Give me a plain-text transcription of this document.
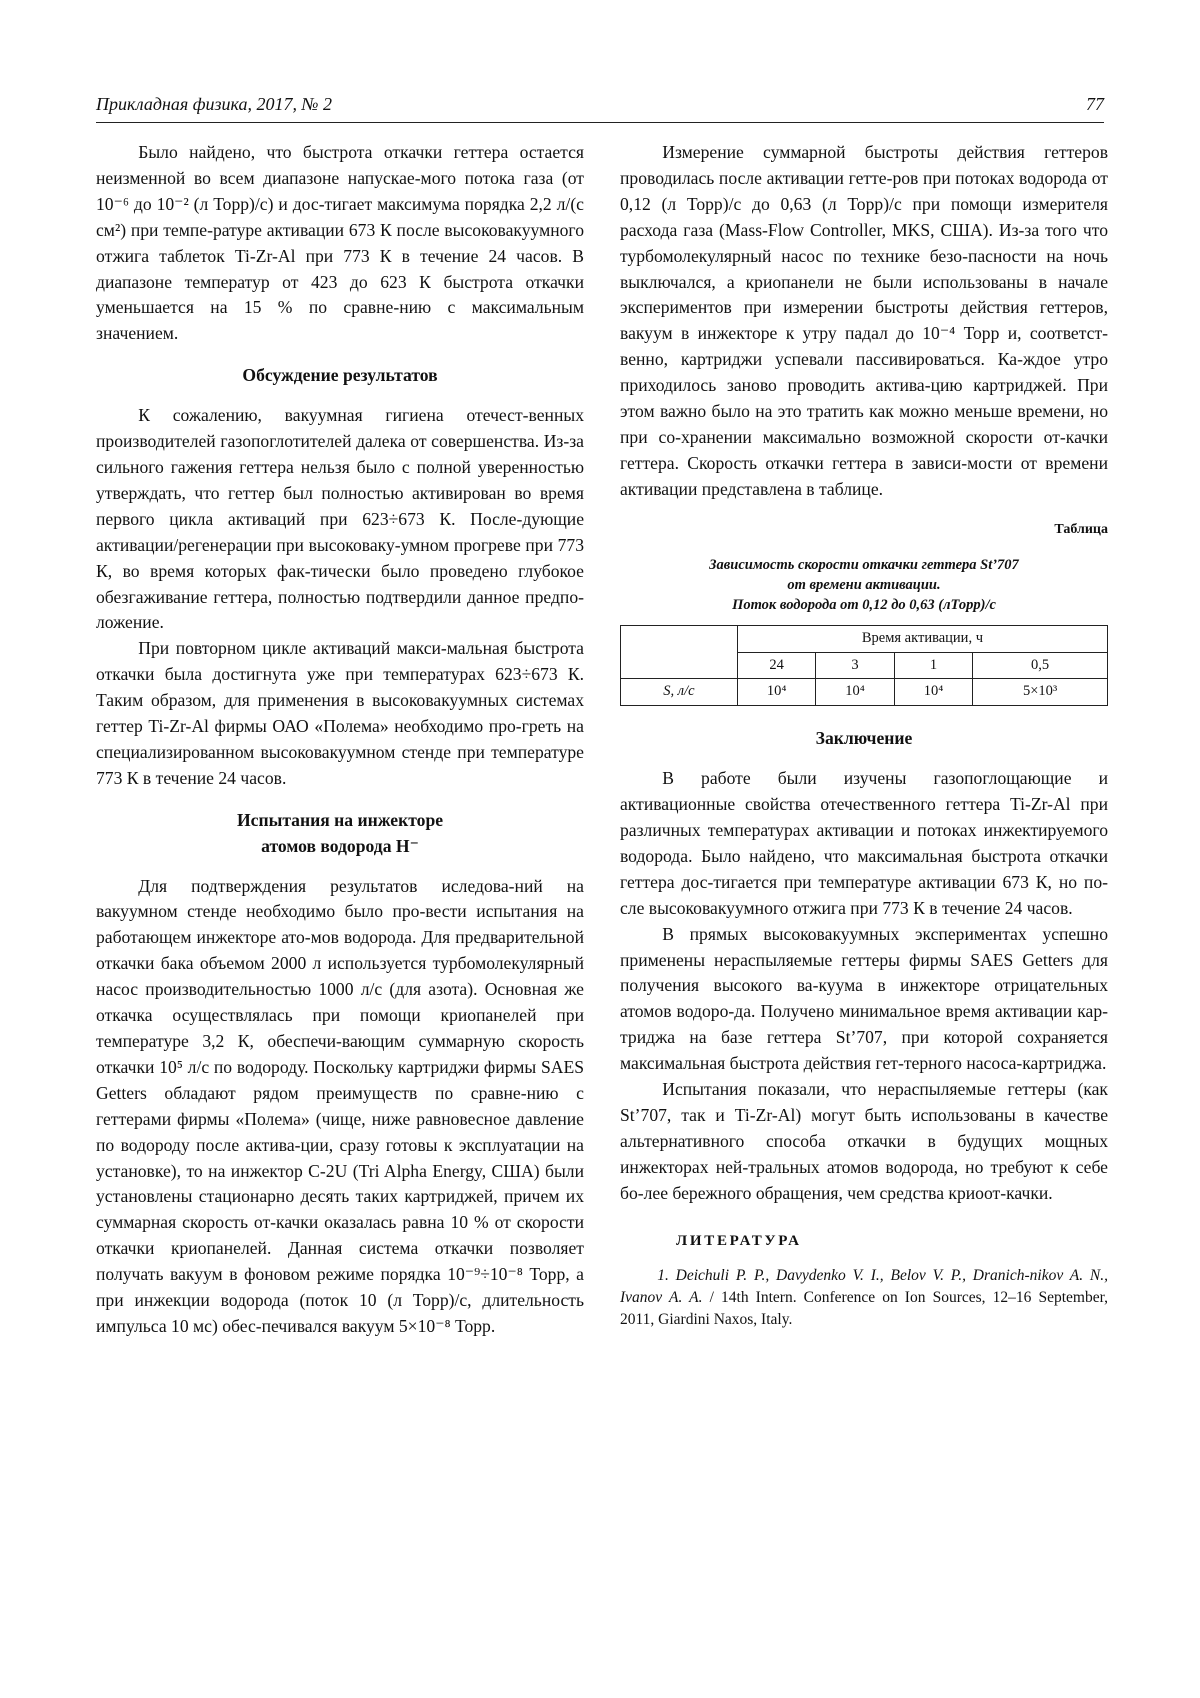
Прикладная физика, 2017, № 2	77

Было найдено, что быстрота откачки геттера остается неизменной во всем диапазоне напускае-мого потока газа (от 10⁻⁶ до 10⁻² (л Торр)/с) и дос-тигает максимума порядка 2,2 л/(с см²) при темпе-ратуре активации 673 К после высоковакуумного отжига таблеток Ti-Zr-Al при 773 К в течение 24 часов. В диапазоне температур от 423 до 623 К быстрота откачки уменьшается на 15 % по сравне-нию с максимальным значением.

Обсуждение результатов

К сожалению, вакуумная гигиена отечест-венных производителей газопоглотителей далека от совершенства. Из-за сильного гажения геттера нельзя было с полной уверенностью утверждать, что геттер был полностью активирован во время первого цикла активаций при 623÷673 К. После-дующие активации/регенерации при высоковаку-умном прогреве при 773 К, во время которых фак-тически было проведено глубокое обезгаживание геттера, полностью подтвердили данное предпо-ложение.

При повторном цикле активаций макси-мальная быстрота откачки была достигнута уже при температурах 623÷673 К. Таким образом, для применения в высоковакуумных системах геттер Ti-Zr-Al фирмы ОАО «Полема» необходимо про-греть на специализированном высоковакуумном стенде при температуре 773 К в течение 24 часов.

Испытания на инжекторе

атомов водорода H⁻

Для подтверждения результатов иследова-ний на вакуумном стенде необходимо было про-вести испытания на работающем инжекторе ато-мов водорода. Для предварительной откачки бака объемом 2000 л используется турбомолекулярный насос производительностью 1000 л/с (для азота). Основная же откачка осуществлялась при помощи криопанелей при температуре 3,2 К, обеспечи-вающим суммарную скорость откачки 10⁵ л/с по водороду. Поскольку картриджи фирмы SAES Getters обладают рядом преимуществ по сравне-нию с геттерами фирмы «Полема» (чище, ниже равновесное давление по водороду после актива-ции, сразу готовы к эксплуатации на установке), то на инжектор С-2U (Tri Alpha Energy, США) были установлены стационарно десять таких картриджей, причем их суммарная скорость от-качки оказалась равна 10 % от скорости откачки криопанелей. Данная система откачки позволяет получать вакуум в фоновом режиме порядка 10⁻⁹÷10⁻⁸ Торр, а при инжекции водорода (поток 10 (л Торр)/с, длительность импульса 10 мс) обес-печивался вакуум 5×10⁻⁸ Торр.

Измерение суммарной быстроты действия геттеров проводилась после активации гетте-ров при потоках водорода от 0,12 (л Торр)/с до 0,63 (л Торр)/с при помощи измерителя расхода газа (Mass-Flow Controller, MKS, США). Из-за того что турбомолекулярный насос по технике безо-пасности на ночь выключался, а криопанели не были использованы в начале экспериментов при измерении быстроты действия геттеров, вакуум в инжекторе к утру падал до 10⁻⁴ Торр и, соответст-венно, картриджи успевали пассивироваться. Ка-ждое утро приходилось заново проводить актива-цию картриджей. При этом важно было на это тратить как можно меньше времени, но при со-хранении максимально возможной скорости от-качки геттера. Скорость откачки геттера в зависи-мости от времени активации представлена в таблице.

Таблица

Зависимость скорости откачки геттера St’707

от времени активации.

Поток водорода от 0,12 до 0,63 (лТорр)/с

	Время активации, ч			
	24	3	1	0,5
S, л/с	10⁴	10⁴	10⁴	5×10³

Заключение

В работе были изучены газопоглощающие и активационные свойства отечественного геттера Ti-Zr-Al при различных температурах активации и потоках инжектируемого водорода. Было найдено, что максимальная быстрота откачки геттера дос-тигается при температуре активации 673 К, но по-сле высоковакуумного отжига при 773 К в течение 24 часов.

В прямых высоковакуумных экспериментах успешно применены нераспыляемые геттеры фирмы SAES Getters для получения высокого ва-куума в инжекторе отрицательных атомов водоро-да. Получено минимальное время активации кар-триджа на базе геттера St’707, при которой сохраняется максимальная быстрота действия гет-терного насоса-картриджа.

Испытания показали, что нераспыляемые геттеры (как St’707, так и Ti-Zr-Al) могут быть использованы в качестве альтернативного способа откачки в будущих мощных инжекторах ней-тральных атомов водорода, но требуют к себе бо-лее бережного обращения, чем средства криоот-качки.

ЛИТЕРАТУРА

1. Deichuli P. P., Davydenko V. I., Belov V. P., Dranich-nikov A. N., Ivanov A. A. / 14th Intern. Conference on Ion Sources, 12–16 September, 2011, Giardini Naxos, Italy.
